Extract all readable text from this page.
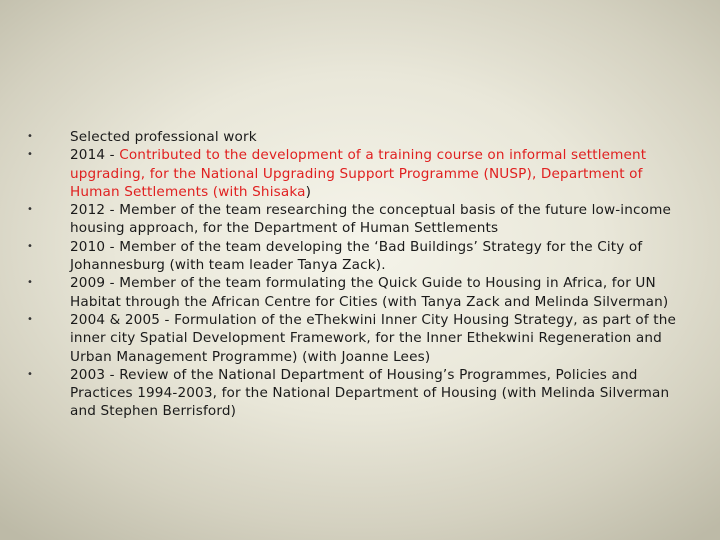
•	Selected professional work
•	2014 - Contributed to the development of a training course on informal settlement upgrading, for the National Upgrading Support Programme (NUSP), Department of Human Settlements (with Shisaka)
•	2012 - Member of the team researching the conceptual basis of the future low-income housing approach, for the Department of Human Settlements
•	2010 - Member of the team developing the ‘Bad Buildings’ Strategy for the City of Johannesburg (with team leader Tanya Zack).
•	2009 - Member of the team formulating the Quick Guide to Housing in Africa, for UN Habitat through the African Centre for Cities (with Tanya Zack and Melinda Silverman)
•	2004 & 2005 - Formulation of the eThekwini Inner City Housing Strategy, as part of the inner city Spatial Development Framework, for the Inner Ethekwini Regeneration and Urban Management Programme) (with Joanne Lees)
•	2003 - Review of the National Department of Housing’s Programmes, Policies and Practices 1994-2003, for the National Department of Housing (with Melinda Silverman and Stephen Berrisford)
